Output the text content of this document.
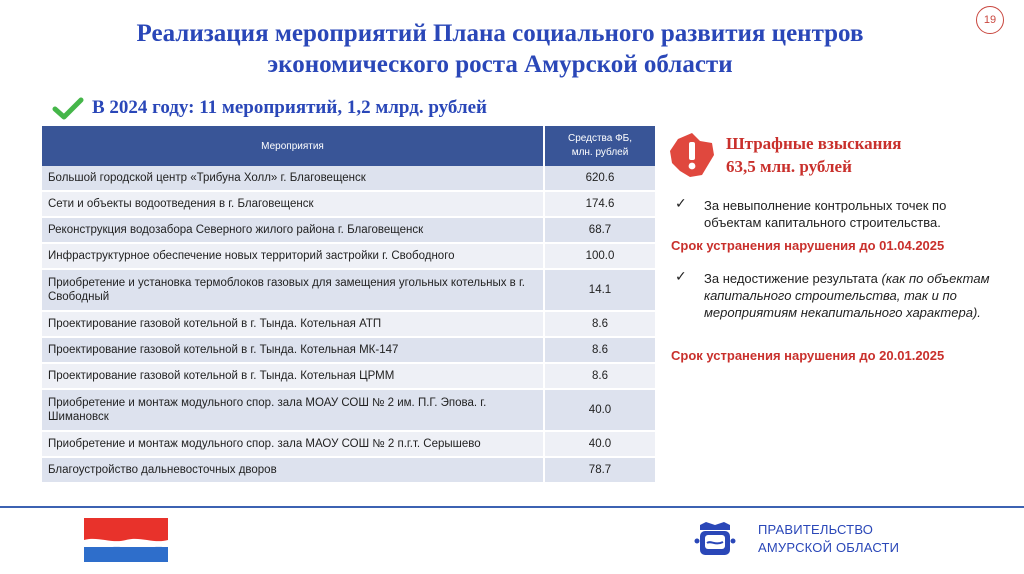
Реализация мероприятий Плана социального развития центров
экономического роста Амурской области
19
В 2024 году: 11 мероприятий, 1,2 млрд. рублей
Мероприятия	Средства ФБ,
млн. рублей
Большой городской центр «Трибуна Холл» г. Благовещенск	620.6
Сети и объекты водоотведения в г. Благовещенск	174.6
Реконструкция водозабора Северного жилого района г. Благовещенск	68.7
Инфраструктурное обеспечение новых территорий застройки г. Свободного	100.0
Приобретение и установка термоблоков газовых для замещения угольных котельных в г. Свободный	14.1
Проектирование газовой котельной в г. Тында. Котельная АТП	8.6
Проектирование газовой котельной в г. Тында. Котельная МК-147	8.6
Проектирование газовой котельной в г. Тында. Котельная ЦРММ	8.6
Приобретение и монтаж модульного спор. зала МОАУ СОШ № 2 им. П.Г. Эпова. г. Шимановск	40.0
Приобретение и монтаж модульного спор. зала МАОУ СОШ № 2 п.г.т. Серышево	40.0
Благоустройство дальневосточных дворов	78.7
Штрафные взыскания
63,5 млн. рублей
✓ За невыполнение контрольных точек по объектам капитального строительства.
Срок устранения нарушения до 01.04.2025
✓ За недостижение результата (как по объектам капитального строительства, так и по мероприятиям некапитального характера).
Срок устранения нарушения до 20.01.2025
ПРАВИТЕЛЬСТВО
АМУРСКОЙ ОБЛАСТИ
